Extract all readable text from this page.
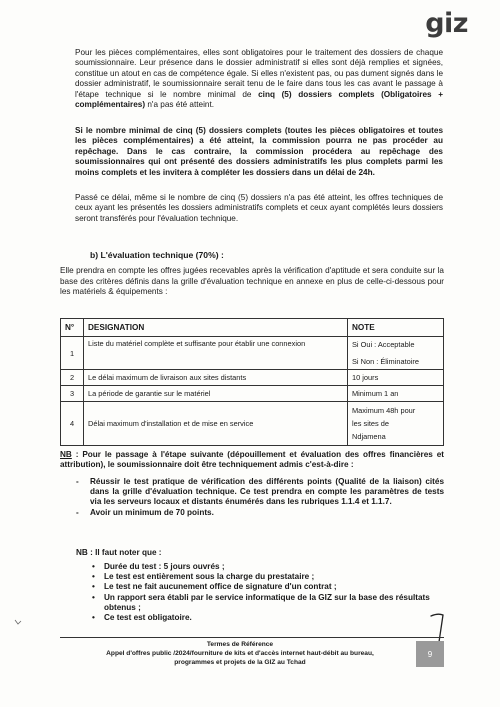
giz

Pour les pièces complémentaires, elles sont obligatoires pour le traitement des dossiers de chaque soumissionnaire. Leur présence dans le dossier administratif si elles sont déjà remplies et signées, constitue un atout en cas de compétence égale. Si elles n'existent pas, ou pas dument signés dans le dossier administratif, le soumissionnaire serait tenu de le faire dans tous les cas avant le passage à l'étape technique si le nombre minimal de cinq (5) dossiers complets (Obligatoires + complémentaires) n'a pas été atteint.

Si le nombre minimal de cinq (5) dossiers complets (toutes les pièces obligatoires et toutes les pièces complémentaires) a été atteint, la commission pourra ne pas procéder au repêchage. Dans le cas contraire, la commission procédera au repêchage des soumissionnaires qui ont présenté des dossiers administratifs les plus complets parmi les moins complets et les invitera à compléter les dossiers dans un délai de 24h.

Passé ce délai, même si le nombre de cinq (5) dossiers n'a pas été atteint, les offres techniques de ceux ayant les présentés les dossiers administratifs complets et ceux ayant complétés leurs dossiers seront transférés pour l'évaluation technique.

b) L'évaluation technique (70%) :

Elle prendra en compte les offres jugées recevables après la vérification d'aptitude et sera conduite sur la base des critères définis dans la grille d'évaluation technique en annexe en plus de celle-ci-dessous pour les matériels & équipements :

N°	DESIGNATION	NOTE
1	Liste du matériel complète et suffisante pour établir une connexion	Si Oui : Acceptable
Si Non : Éliminatoire

2	Le délai maximum de livraison aux sites distants	10 jours
3	La période de garantie sur le matériel	Minimum 1 an
4	Délai maximum d'installation et de mise en service	Maximum 48h pour
les sites de
Ndjamena

NB : Pour le passage à l'étape suivante (dépouillement et évaluation des offres financières et attribution), le soumissionnaire doit être techniquement admis c'est-à-dire :

- Réussir le test pratique de vérification des différents points (Qualité de la liaison) cités dans la grille d'évaluation technique. Ce test prendra en compte les paramètres de tests via les serveurs locaux et distants énumérés dans les rubriques 1.1.4 et 1.1.7.
- Avoir un minimum de 70 points.

NB : Il faut noter que :

• Durée du test : 5 jours ouvrés ;
• Le test est entièrement sous la charge du prestataire ;
• Le test ne fait aucunement office de signature d'un contrat ;
• Un rapport sera établi par le service informatique de la GIZ sur la base des résultats obtenus ;
• Ce test est obligatoire.
Termes de Référence
Appel d'offres public /2024/fourniture de kits et d'accès internet haut-débit au bureau,
programmes et projets de la GIZ au Tchad
9
